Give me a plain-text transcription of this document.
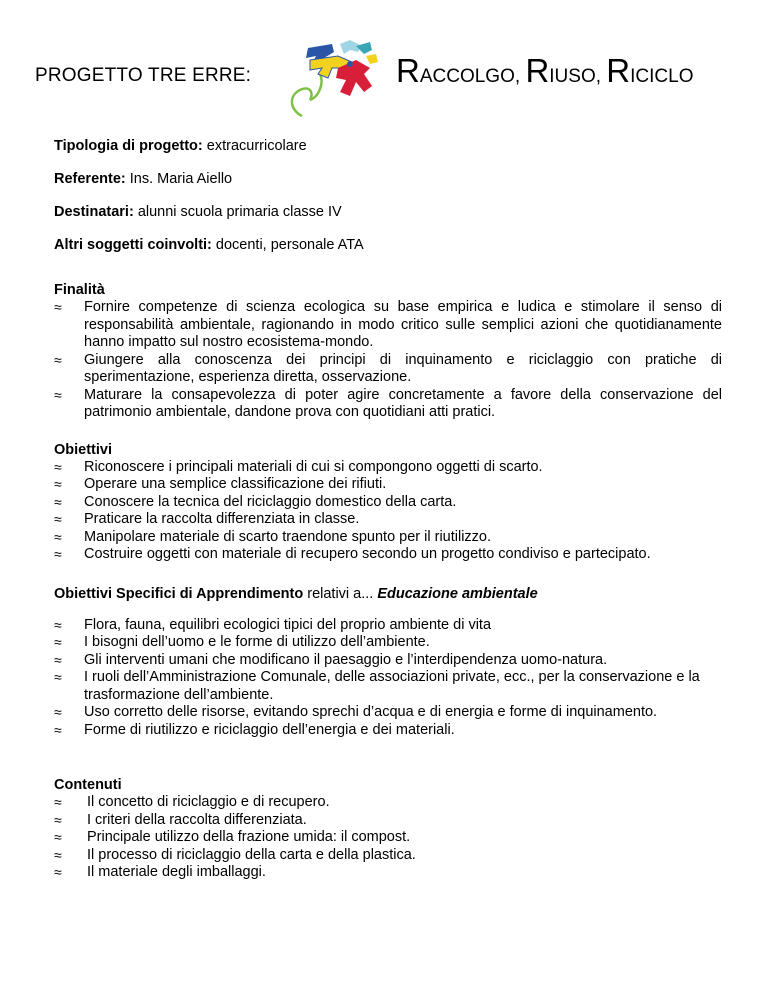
PROGETTO TRE ERRE:	RACCOLGO, RIUSO, RICICLO

Tipologia di progetto: extracurricolare

Referente: Ins. Maria Aiello

Destinatari: alunni scuola primaria classe IV

Altri soggetti coinvolti: docenti, personale ATA

Finalità
≈	Fornire competenze di scienza ecologica su base empirica e ludica e stimolare il senso di responsabilità ambientale, ragionando in modo critico sulle semplici azioni che quotidianamente hanno impatto sul nostro ecosistema-mondo.
≈	Giungere alla conoscenza dei principi di inquinamento e riciclaggio con pratiche di sperimentazione, esperienza diretta, osservazione.
≈	Maturare la consapevolezza di poter agire concretamente a favore della conservazione del patrimonio ambientale, dandone prova con quotidiani atti pratici.
Obiettivi
≈	Riconoscere i principali materiali di cui si compongono oggetti di scarto.
≈	Operare una semplice classificazione dei rifiuti.
≈	Conoscere la tecnica del riciclaggio domestico della carta.
≈	Praticare la raccolta differenziata in classe.
≈	Manipolare materiale di scarto traendone spunto per il riutilizzo.
≈	Costruire oggetti con materiale di recupero secondo un progetto condiviso e partecipato.
Obiettivi Specifici di Apprendimento relativi a... Educazione ambientale
≈	Flora, fauna, equilibri ecologici tipici del proprio ambiente di vita
≈	I bisogni dell’uomo e le forme di utilizzo dell’ambiente.
≈	Gli interventi umani che modificano il paesaggio e l’interdipendenza uomo-natura.
≈	I ruoli dell’Amministrazione Comunale, delle associazioni private, ecc., per la conservazione e la trasformazione dell’ambiente.
≈	Uso corretto delle risorse, evitando sprechi d’acqua e di energia e forme di inquinamento.
≈	Forme di riutilizzo e riciclaggio dell’energia e dei materiali.
Contenuti
≈	Il concetto di riciclaggio e di recupero.
≈	I criteri della raccolta differenziata.
≈	Principale utilizzo della frazione umida: il compost.
≈	Il processo di riciclaggio della carta e della plastica.
≈	Il materiale degli imballaggi.
